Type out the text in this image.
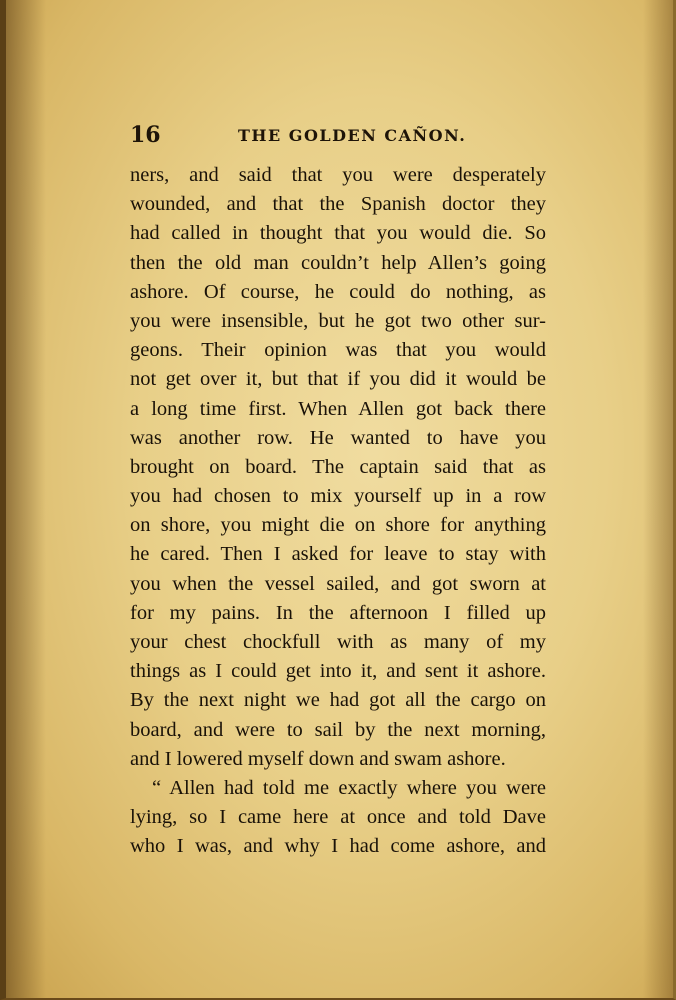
16	THE GOLDEN CAÑON.
ners, and said that you were desperately
wounded, and that the Spanish doctor they
had called in thought that you would die. So
then the old man couldn’t help Allen’s going
ashore. Of course, he could do nothing, as
you were insensible, but he got two other sur-
geons. Their opinion was that you would
not get over it, but that if you did it would be
a long time first. When Allen got back there
was another row. He wanted to have you
brought on board. The captain said that as
you had chosen to mix yourself up in a row
on shore, you might die on shore for anything
he cared. Then I asked for leave to stay with
you when the vessel sailed, and got sworn at
for my pains. In the afternoon I filled up
your chest chockfull with as many of my
things as I could get into it, and sent it ashore.
By the next night we had got all the cargo on
board, and were to sail by the next morning,
and I lowered myself down and swam ashore.
“ Allen had told me exactly where you were
lying, so I came here at once and told Dave
who I was, and why I had come ashore, and
